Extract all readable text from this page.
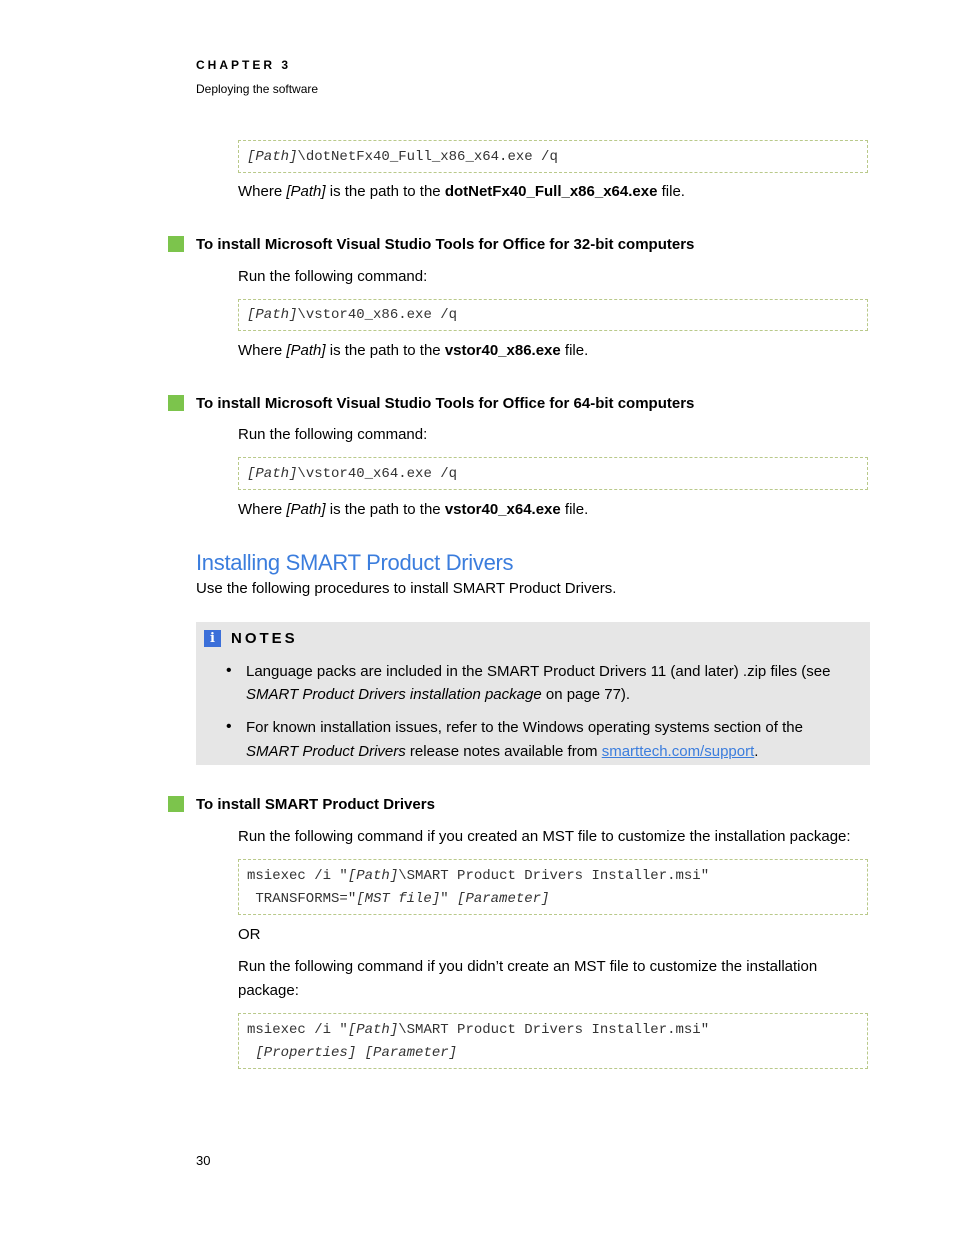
CHAPTER 3
Deploying the software
[Path]\dotNetFx40_Full_x86_x64.exe /q
Where [Path] is the path to the dotNetFx40_Full_x86_x64.exe file.
To install Microsoft Visual Studio Tools for Office for 32-bit computers
Run the following command:
[Path]\vstor40_x86.exe /q
Where [Path] is the path to the vstor40_x86.exe file.
To install Microsoft Visual Studio Tools for Office for 64-bit computers
Run the following command:
[Path]\vstor40_x64.exe /q
Where [Path] is the path to the vstor40_x64.exe file.
Installing SMART Product Drivers
Use the following procedures to install SMART Product Drivers.
i	NOTES
• Language packs are included in the SMART Product Drivers 11 (and later) .zip files (see
SMART Product Drivers installation package on page 77).
• For known installation issues, refer to the Windows operating systems section of the
SMART Product Drivers release notes available from smarttech.com/support.
To install SMART Product Drivers
Run the following command if you created an MST file to customize the installation package:
msiexec /i "[Path]\SMART Product Drivers Installer.msi"
TRANSFORMS="[MST file]" [Parameter]
OR
Run the following command if you didn’t create an MST file to customize the installation
package:
msiexec /i "[Path]\SMART Product Drivers Installer.msi"
[Properties] [Parameter]
30
